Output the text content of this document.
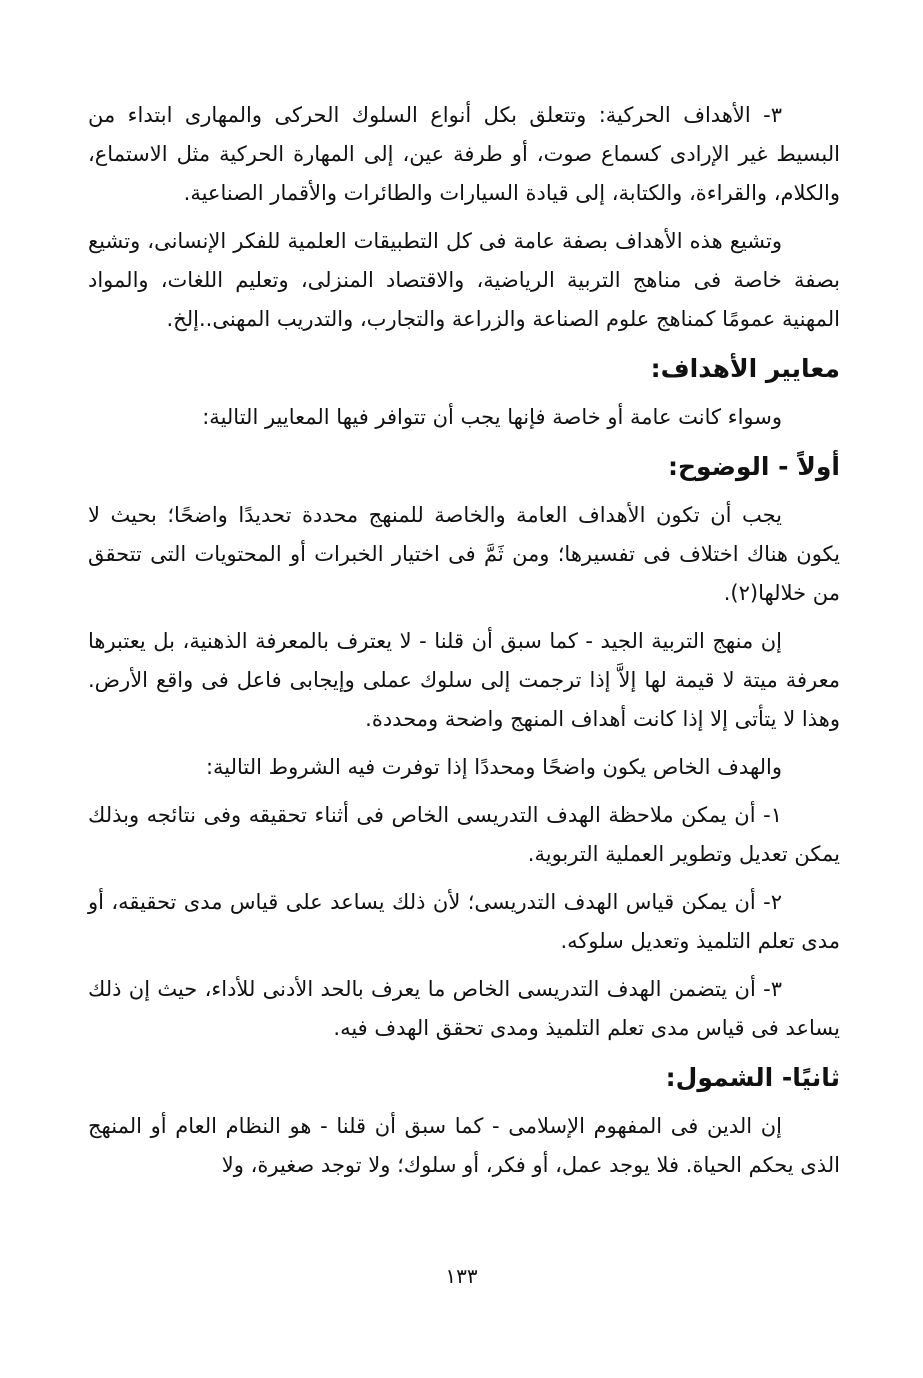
٣- الأهداف الحركية: وتتعلق بكل أنواع السلوك الحركى والمهارى ابتداء من البسيط غير الإرادى كسماع صوت، أو طرفة عين، إلى المهارة الحركية مثل الاستماع، والكلام، والقراءة، والكتابة، إلى قيادة السيارات والطائرات والأقمار الصناعية.

وتشيع هذه الأهداف بصفة عامة فى كل التطبيقات العلمية للفكر الإنسانى، وتشيع بصفة خاصة فى مناهج التربية الرياضية، والاقتصاد المنزلى، وتعليم اللغات، والمواد المهنية عمومًا كمناهج علوم الصناعة والزراعة والتجارب، والتدريب المهنى..إلخ.

معايير الأهداف:

وسواء كانت عامة أو خاصة فإنها يجب أن تتوافر فيها المعايير التالية:

أولاً - الوضوح:

يجب أن تكون الأهداف العامة والخاصة للمنهج محددة تحديدًا واضحًا؛ بحيث لا يكون هناك اختلاف فى تفسيرها؛ ومن ثَمَّ فى اختيار الخبرات أو المحتويات التى تتحقق من خلالها(٢).

إن منهج التربية الجيد - كما سبق أن قلنا - لا يعترف بالمعرفة الذهنية، بل يعتبرها معرفة ميتة لا قيمة لها إلاَّ إذا ترجمت إلى سلوك عملى وإيجابى فاعل فى واقع الأرض. وهذا لا يتأتى إلا إذا كانت أهداف المنهج واضحة ومحددة.

والهدف الخاص يكون واضحًا ومحددًا إذا توفرت فيه الشروط التالية:

١- أن يمكن ملاحظة الهدف التدريسى الخاص فى أثناء تحقيقه وفى نتائجه وبذلك يمكن تعديل وتطوير العملية التربوية.

٢- أن يمكن قياس الهدف التدريسى؛ لأن ذلك يساعد على قياس مدى تحقيقه، أو مدى تعلم التلميذ وتعديل سلوكه.

٣- أن يتضمن الهدف التدريسى الخاص ما يعرف بالحد الأدنى للأداء، حيث إن ذلك يساعد فى قياس مدى تعلم التلميذ ومدى تحقق الهدف فيه.

ثانيًا- الشمول:

إن الدين فى المفهوم الإسلامى - كما سبق أن قلنا - هو النظام العام أو المنهج الذى يحكم الحياة. فلا يوجد عمل، أو فكر، أو سلوك؛ ولا توجد صغيرة، ولا

١٣٣
